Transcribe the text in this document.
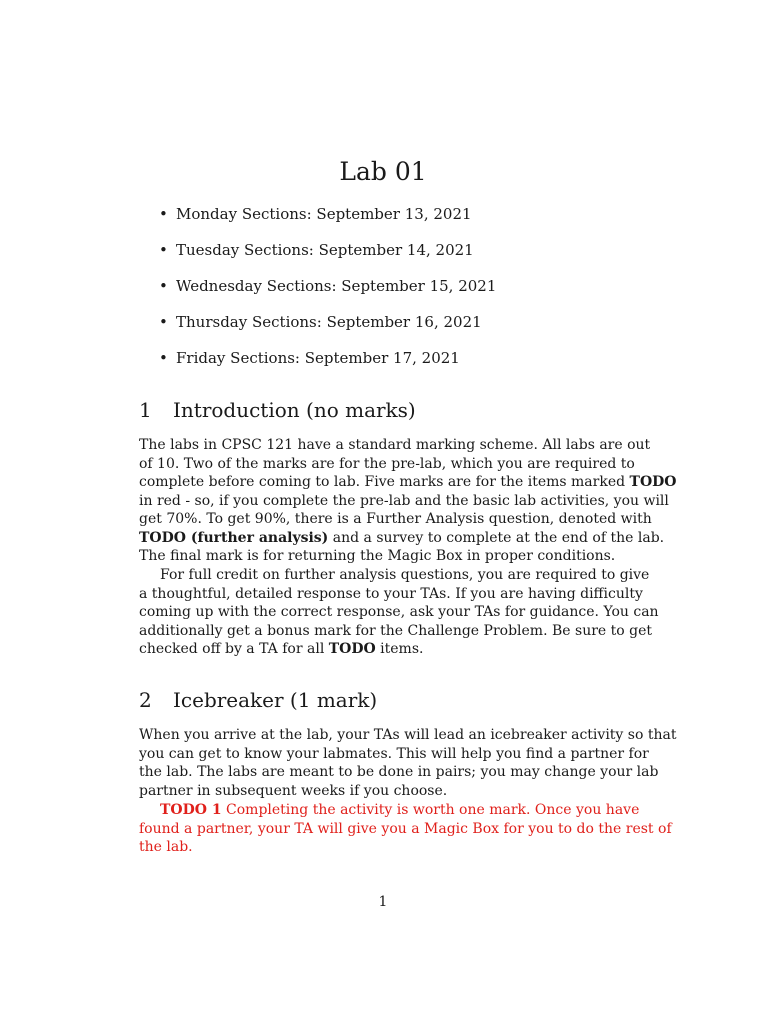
Lab 01
• Monday Sections: September 13, 2021
• Tuesday Sections: September 14, 2021
• Wednesday Sections: September 15, 2021
• Thursday Sections: September 16, 2021
• Friday Sections: September 17, 2021
1 Introduction (no marks)
The labs in CPSC 121 have a standard marking scheme. All labs are out
of 10. Two of the marks are for the pre-lab, which you are required to
complete before coming to lab. Five marks are for the items marked TODO
in red - so, if you complete the pre-lab and the basic lab activities, you will
get 70%. To get 90%, there is a Further Analysis question, denoted with
TODO (further analysis) and a survey to complete at the end of the lab.
The final mark is for returning the Magic Box in proper conditions.
For full credit on further analysis questions, you are required to give
a thoughtful, detailed response to your TAs. If you are having difficulty
coming up with the correct response, ask your TAs for guidance. You can
additionally get a bonus mark for the Challenge Problem. Be sure to get
checked off by a TA for all TODO items.
2 Icebreaker (1 mark)
When you arrive at the lab, your TAs will lead an icebreaker activity so that
you can get to know your labmates. This will help you find a partner for
the lab. The labs are meant to be done in pairs; you may change your lab
partner in subsequent weeks if you choose.
TODO 1 Completing the activity is worth one mark. Once you have
found a partner, your TA will give you a Magic Box for you to do the rest of
the lab.
1
